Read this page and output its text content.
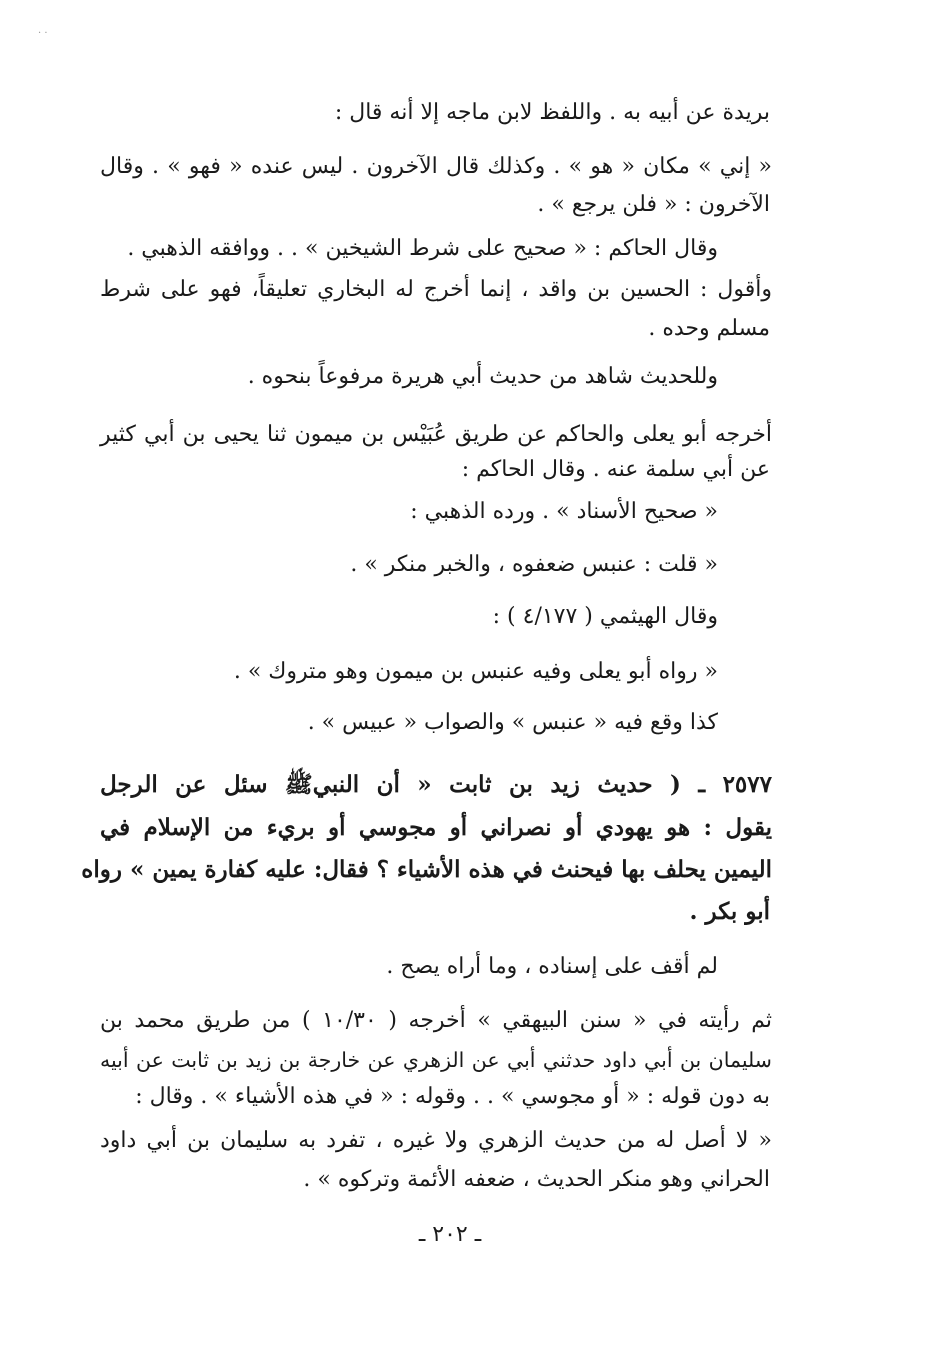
· ·
بريدة عن أبيه به . واللفظ لابن ماجه إلا أنه قال :
« إني » مكان « هو » . وكذلك قال الآخرون . ليس عنده « فهو » . وقال
الآخرون : « فلن يرجع » .
وقال الحاكم : « صحيح على شرط الشيخين » . . ووافقه الذهبي .
وأقول : الحسين بن واقد ، إنما أخرج له البخاري تعليقاً، فهو على شرط
مسلم وحده .
وللحديث شاهد من حديث أبي هريرة مرفوعاً بنحوه .
أخرجه أبو يعلى والحاكم عن طريق عُبَيْس بن ميمون ثنا يحيى بن أبي كثير
عن أبي سلمة عنه . وقال الحاكم :
« صحيح الأسناد » . ورده الذهبي :
« قلت : عنبس ضعفوه ، والخبر منكر » .
وقال الهيثمي ( ٤/١٧٧ ) :
« رواه أبو يعلى وفيه عنبس بن ميمون وهو متروك » .
كذا وقع فيه « عنبس » والصواب « عبيس » .
٢٥٧٧ ـ ( حديث زيد بن ثابت « أن النبيﷺ سئل عن الرجل
يقول : هو يهودي أو نصراني أو مجوسي أو بريء من الإسلام في
اليمين يحلف بها فيحنث في هذه الأشياء ؟ فقال: عليه كفارة يمين » رواه
أبو بكر .
لم أقف على إسناده ، وما أراه يصح .
ثم رأيته في « سنن البيهقي » أخرجه ( ١٠/٣٠ ) من طريق محمد بن
سليمان بن أبي داود حدثني أبي عن الزهري عن خارجة بن زيد بن ثابت عن أبيه
به دون قوله : « أو مجوسي » . . وقوله : « في هذه الأشياء » . وقال :
« لا أصل له من حديث الزهري ولا غيره ، تفرد به سليمان بن أبي داود
الحراني وهو منكر الحديث ، ضعفه الأئمة وتركوه » .
ـ ٢٠٢ ـ
